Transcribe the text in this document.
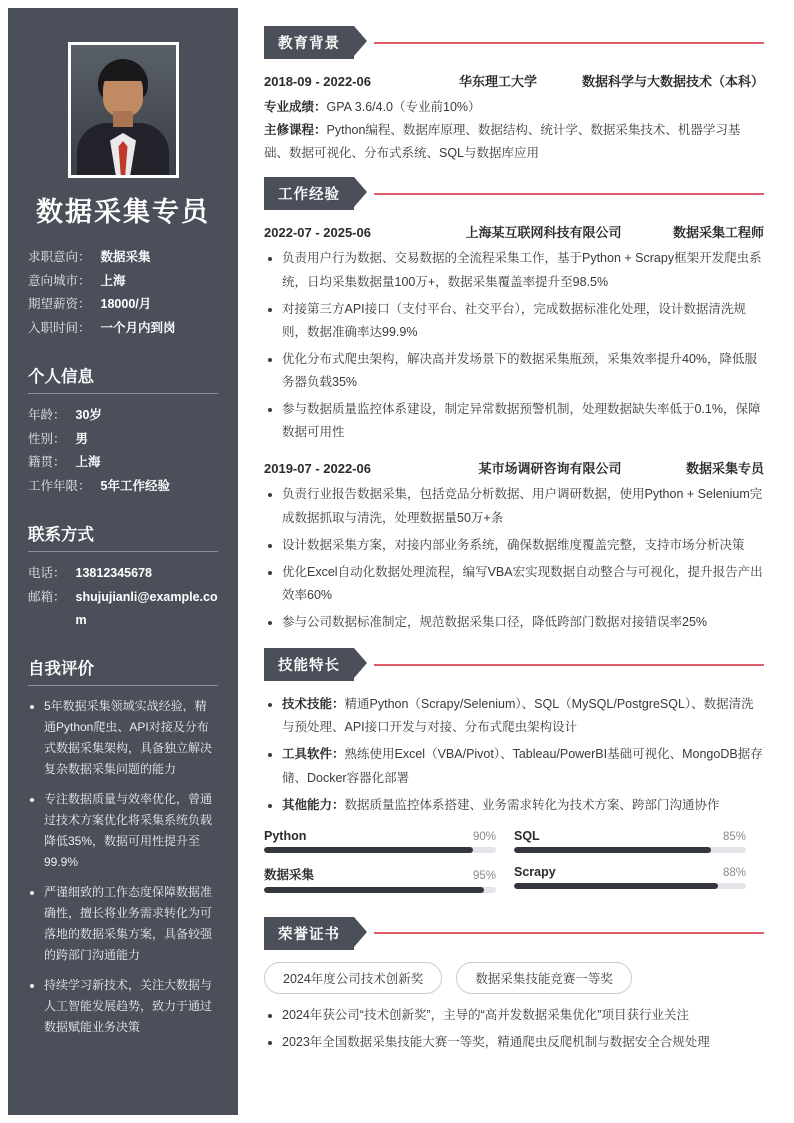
数据采集专员
求职意向： 数据采集
意向城市： 上海
期望薪资： 18000/月
入职时间： 一个月内到岗
个人信息
年龄： 30岁
性别： 男
籍贯： 上海
工作年限： 5年工作经验
联系方式
电话： 13812345678
邮箱： shujujianli@example.com
自我评价
• 5年数据采集领域实战经验，精通Python爬虫、API对接及分布式数据采集架构，具备独立解决复杂数据采集问题的能力
• 专注数据质量与效率优化，曾通过技术方案优化将采集系统负载降低35%，数据可用性提升至99.9%
• 严谨细致的工作态度保障数据准确性，擅长将业务需求转化为可落地的数据采集方案，具备较强的跨部门沟通能力
• 持续学习新技术，关注大数据与人工智能发展趋势，致力于通过数据赋能业务决策
教育背景
2018-09 - 2022-06	华东理工大学	数据科学与大数据技术（本科）
专业成绩：GPA 3.6/4.0（专业前10%）
主修课程：Python编程、数据库原理、数据结构、统计学、数据采集技术、机器学习基础、数据可视化、分布式系统、SQL与数据库应用
工作经验
2022-07 - 2025-06	上海某互联网科技有限公司	数据采集工程师
• 负责用户行为数据、交易数据的全流程采集工作，基于Python + Scrapy框架开发爬虫系统，日均采集数据量100万+，数据采集覆盖率提升至98.5%
• 对接第三方API接口（支付平台、社交平台），完成数据标准化处理，设计数据清洗规则，数据准确率达99.9%
• 优化分布式爬虫架构，解决高并发场景下的数据采集瓶颈，采集效率提升40%，降低服务器负载35%
• 参与数据质量监控体系建设，制定异常数据预警机制，处理数据缺失率低于0.1%，保障数据可用性
2019-07 - 2022-06	某市场调研咨询有限公司	数据采集专员
• 负责行业报告数据采集，包括竞品分析数据、用户调研数据，使用Python + Selenium完成数据抓取与清洗，处理数据量50万+条
• 设计数据采集方案，对接内部业务系统，确保数据维度覆盖完整，支持市场分析决策
• 优化Excel自动化数据处理流程，编写VBA宏实现数据自动整合与可视化，提升报告产出效率60%
• 参与公司数据标准制定，规范数据采集口径，降低跨部门数据对接错误率25%
技能特长
• 技术技能：精通Python（Scrapy/Selenium）、SQL（MySQL/PostgreSQL）、数据清洗与预处理、API接口开发与对接、分布式爬虫架构设计
• 工具软件：熟练使用Excel（VBA/Pivot）、Tableau/PowerBI基础可视化、MongoDB据存储、Docker容器化部署
• 其他能力：数据质量监控体系搭建、业务需求转化为技术方案、跨部门沟通协作
Python	90% SQL	85%
数据采集	95% Scrapy	88%
荣誉证书
2024年度公司技术创新奖	数据采集技能竞赛一等奖
• 2024年获公司“技术创新奖”，主导的“高并发数据采集优化”项目获行业关注
• 2023年全国数据采集技能大赛一等奖，精通爬虫反爬机制与数据安全合规处理
